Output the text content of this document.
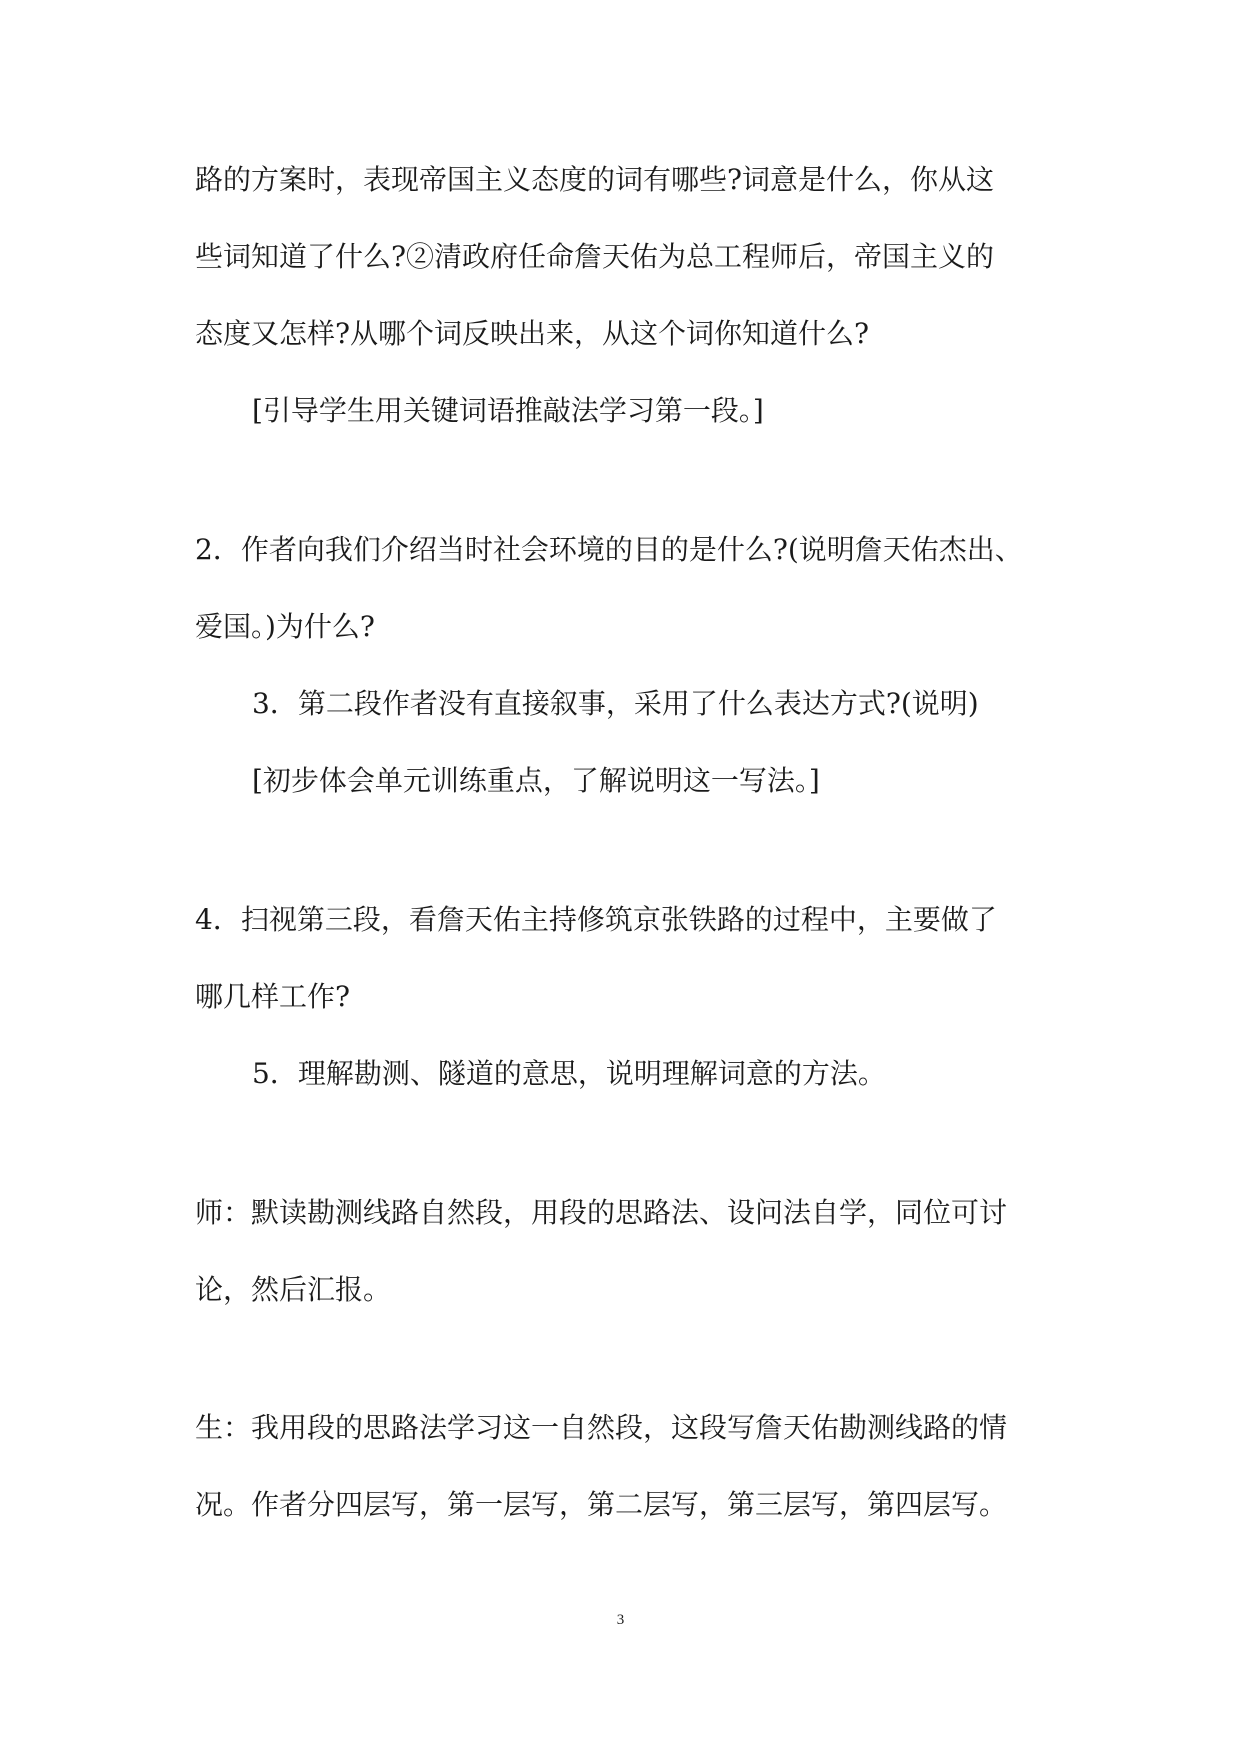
路的方案时，表现帝国主义态度的词有哪些?词意是什么，你从这
些词知道了什么?②清政府任命詹天佑为总工程师后，帝国主义的
态度又怎样?从哪个词反映出来，从这个词你知道什么?
[引导学生用关键词语推敲法学习第一段。]
2．作者向我们介绍当时社会环境的目的是什么?(说明詹天佑杰出、
爱国。)为什么?
3．第二段作者没有直接叙事，采用了什么表达方式?(说明)
[初步体会单元训练重点，了解说明这一写法。]
4．扫视第三段，看詹天佑主持修筑京张铁路的过程中，主要做了
哪几样工作?
5．理解勘测、隧道的意思，说明理解词意的方法。
师：默读勘测线路自然段，用段的思路法、设问法自学，同位可讨
论，然后汇报。
生：我用段的思路法学习这一自然段，这段写詹天佑勘测线路的情
况。作者分四层写，第一层写，第二层写，第三层写，第四层写。
3
